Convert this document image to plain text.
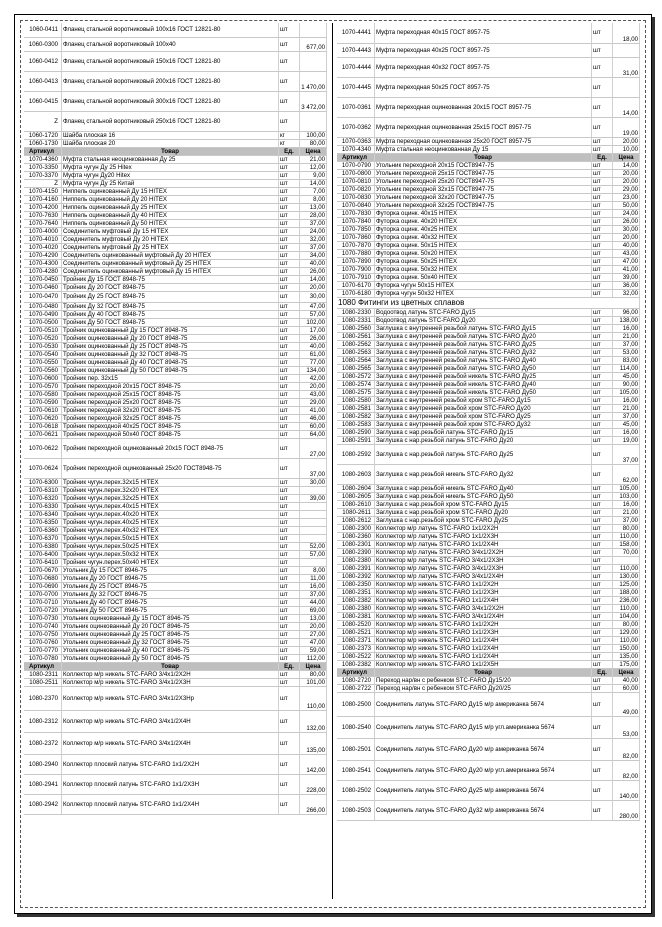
1060-0411	Фланец стальной воротниковый 100х16 ГОСТ 12821-80	шт	
1060-0300	Фланец стальной воротниковый 100х40	шт	677,00
1060-0412	Фланец стальной воротниковый 150х16 ГОСТ 12821-80	шт	
1060-0413	Фланец стальной воротниковый 200х16 ГОСТ 12821-80	шт	1 470,00
1060-0415	Фланец стальной воротниковый 300х16 ГОСТ 12821-80	шт	3 472,00
Z	Фланец стальной воротниковый 250х16 ГОСТ 12821-80	шт	
1060-1720	Шайба плоская 16	кг	100,00
1060-1730	Шайба плоская 20	кг	80,00
Артикул	Товар	Ед.	Цена
1070-4360	Муфта стальная неоцинкованная Ду 25	шт	21,00
1070-3350	Муфта чугун Ду 25 Hitex	шт	12,00
1070-3370	Муфта чугун Ду20 Hitex	шт	9,00
Z	Муфта чугун Ду 25 Китай	шт	14,00
1070-4150	Ниппель оцинкованный Ду 15 HITEX	шт	7,00
1070-4160	Ниппель оцинкованный Ду 20 HITEX	шт	8,00
1070-4200	Ниппель оцинкованный Ду 25 HITEX	шт	13,00
1070-7630	Ниппель оцинкованный Ду 40 HITEX	шт	28,00
1070-7640	Ниппель оцинкованный Ду 50 HITEX	шт	37,00
1070-4000	Соединитель муфтовый Ду 15 HITEX	шт	24,00
1070-4010	Соединитель муфтовый Ду 20 HITEX	шт	32,00
1070-4020	Соединитель муфтовый Ду 25 HITEX	шт	37,00
1070-4290	Соединитель оцинкованный муфтовый Ду 20 HITEX	шт	34,00
1070-4300	Соединитель оцинкованный муфтовый Ду 25 HITEX	шт	40,00
1070-4280	Соединитель оцинкованный муфтовый Ду 15 HITEX	шт	26,00
1070-0450	Тройник Ду 15 ГОСТ 8948-75	шт	14,00
1070-0460	Тройник Ду 20 ГОСТ 8948-75	шт	20,00
1070-0470	Тройник Ду 25 ГОСТ 8948-75	шт	30,00
1070-0480	Тройник Ду 32 ГОСТ 8948-75	шт	47,00
1070-0490	Тройник Ду 40 ГОСТ 8948-75	шт	57,00
1070-0500	Тройник Ду 50 ГОСТ 8948-75	шт	102,00
1070-0510	Тройник оцинкованный Ду 15 ГОСТ 8948-75	шт	17,00
1070-0520	Тройник оцинкованный Ду 20 ГОСТ 8948-75	шт	26,00
1070-0530	Тройник оцинкованный Ду 25 ГОСТ 8948-75	шт	40,00
1070-0540	Тройник оцинкованный Ду 32 ГОСТ 8948-75	шт	61,00
1070-0550	Тройник оцинкованный Ду 40 ГОСТ 8948-75	шт	77,00
1070-0560	Тройник оцинкованный Ду 50 ГОСТ 8948-75	шт	134,00
1070-0600	Тройник пер. 32х15	шт	42,00
1070-0570	Тройник переходной 20х15 ГОСТ 8948-75	шт	20,00
1070-0580	Тройник переходной 25х15 ГОСТ 8948-75	шт	43,00
1070-0590	Тройник переходной 25х20 ГОСТ 8948-75	шт	29,00
1070-0610	Тройник переходной 32х20 ГОСТ 8948-75	шт	41,00
1070-0620	Тройник переходной 32х25 ГОСТ 8948-75	шт	46,00
1070-0618	Тройник переходной 40х25 ГОСТ 8948-75	шт	60,00
1070-0621	Тройник переходной 50х40 ГОСТ 8948-75	шт	64,00
1070-0622	Тройник переходной оцинкованный 20х15 ГОСТ 8948-75	шт	27,00
1070-0624	Тройник переходной оцинкованный 25х20 ГОСТ8948-75	шт	37,00
1070-6300	Тройник чугун.перех.32х15 HITEX	шт	30,00
1070-6310	Тройник чугун.перех.32х20 HITEX	шт	
1070-6320	Тройник чугун.перех.32х25 HITEX	шт	39,00
1070-6330	Тройник чугун.перех.40х15 HITEX	шт	
1070-6340	Тройник чугун.перех.40х20 HITEX	шт	
1070-6350	Тройник чугун.перех.40х25 HITEX	шт	
1070-6360	Тройник чугун.перех.40х32 HITEX	шт	
1070-6370	Тройник чугун.перех.50х15 HITEX	шт	
1070-6380	Тройник чугун.перех.50х25 HITEX	шт	52,00
1070-6400	Тройник чугун.перех.50х32 HITEX	шт	57,00
1070-6410	Тройник чугун.перех.50х40 HITEX	шт	
1070-0670	Угольник Ду 15 ГОСТ 8946-75	шт	8,00
1070-0680	Угольник Ду 20 ГОСТ 8946-75	шт	11,00
1070-0690	Угольник Ду 25 ГОСТ 8946-75	шт	16,00
1070-0700	Угольник Ду 32 ГОСТ 8946-75	шт	37,00
1070-0710	Угольник Ду 40 ГОСТ 8946-75	шт	44,00
1070-0720	Угольник Ду 50 ГОСТ 8946-75	шт	69,00
1070-0730	Угольник оцинкованный Ду 15 ГОСТ 8946-75	шт	13,00
1070-0740	Угольник оцинкованный Ду 20 ГОСТ 8946-75	шт	20,00
1070-0750	Угольник оцинкованный Ду 25 ГОСТ 8946-75	шт	27,00
1070-0760	Угольник оцинкованный Ду 32 ГОСТ 8946-75	шт	47,00
1070-0770	Угольник оцинкованный Ду 40 ГОСТ 8946-75	шт	59,00
1070-0780	Угольник оцинкованный Ду 50 ГОСТ 8946-75	шт	112,00
Артикул	Товар	Ед.	Цена
1080-2311	Коллектор м/р никель STC-FARO 3/4х1/2Х2Н	шт	80,00
1080-2511	Коллектор м/р никель STC-FARO 3/4х1/2Х3Н	шт	101,00
1080-2370	Коллектор м/р никель STC-FARO 3/4х1/2Х3Нр	шт	110,00
1080-2312	Коллектор м/р никель STC-FARO 3/4х1/2Х4Н	шт	132,00
1080-2372	Коллектор м/р никель STC-FARO 3/4х1/2Х4Н	шт	135,00
1080-2940	Коллектор плоский латунь STC-FARO 1х1/2Х2Н	шт	142,00
1080-2941	Коллектор плоский латунь STC-FARO 1х1/2Х3Н	шт	228,00
1080-2942	Коллектор плоский латунь STC-FARO 1х1/2Х4Н	шт	266,00
1070-4441	Муфта переходная 40х15 ГОСТ 8957-75	шт	18,00
1070-4443	Муфта переходная 40х25 ГОСТ 8957-75	шт	
1070-4444	Муфта переходная 40х32 ГОСТ 8957-75	шт	31,00
1070-4445	Муфта переходная 50х25 ГОСТ 8957-75	шт	
1070-0361	Муфта переходная оцинкованная 20х15 ГОСТ 8957-75	шт	14,00
1070-0362	Муфта переходная оцинкованная 25х15 ГОСТ 8957-75	шт	19,00
1070-0363	Муфта переходная оцинкованная 25х20 ГОСТ 8957-75	шт	20,00
1070-4340	Муфта стальная неоцинкованная Ду 15	шт	10,00
Артикул	Товар	Ед.	Цена
1070-0790	Угольник переходной 20х15 ГОСТ8947-75	шт	14,00
1070-0800	Угольник переходной 25х15 ГОСТ8947-75	шт	20,00
1070-0810	Угольник переходной 25х20 ГОСТ8947-75	шт	20,00
1070-0820	Угольник переходной 32х15 ГОСТ8947-75	шт	29,00
1070-0830	Угольник переходной 32х20 ГОСТ8947-75	шт	23,00
1070-0840	Угольник переходной 32х25 ГОСТ8947-75	шт	50,00
1070-7830	Футорка оцинк. 40х15 HITEX	шт	24,00
1070-7840	Футорка оцинк. 40х20 HITEX	шт	26,00
1070-7850	Футорка оцинк. 40х25 HITEX	шт	30,00
1070-7860	Футорка оцинк. 40х32 HITEX	шт	20,00
1070-7870	Футорка оцинк. 50х15 HITEX	шт	40,00
1070-7880	Футорка оцинк. 50х20 HITEX	шт	43,00
1070-7890	Футорка оцинк. 50х25 HITEX	шт	47,00
1070-7900	Футорка оцинк. 50х32 HITEX	шт	41,00
1070-7910	Футорка оцинк. 50х40 HITEX	шт	39,00
1070-6170	Футорка чугун 50х15 HITEX	шт	36,00
1070-6180	Футорка чугун 50х32 HITEX	шт	32,00
1080 Фитинги из цветных сплавов			
1080-2330	Водоотвод латунь STC-FARO Ду15	шт	96,00
1080-2331	Водоотвод латунь STC-FARO Ду20	шт	138,00
1080-2560	Заглушка с внутренней резьбой латунь STC-FARO Ду15	шт	16,00
1080-2561	Заглушка с внутренней резьбой латунь STC-FARO Ду20	шт	21,00
1080-2562	Заглушка с внутренней резьбой латунь STC-FARO Ду25	шт	37,00
1080-2563	Заглушка с внутренней резьбой латунь STC-FARO Ду32	шт	53,00
1080-2564	Заглушка с внутренней резьбой латунь STC-FARO Ду40	шт	83,00
1080-2565	Заглушка с внутренней резьбой латунь STC-FARO Ду50	шт	114,00
1080-2572	Заглушка с внутренней резьбой никель STC-FARO Ду25	шт	45,00
1080-2574	Заглушка с внутренней резьбой никель STC-FARO Ду40	шт	90,00
1080-2575	Заглушка с внутренней резьбой никель STC-FARO Ду50	шт	105,00
1080-2580	Заглушка с внутренней резьбой хром STC-FARO Ду15	шт	16,00
1080-2581	Заглушка с внутренней резьбой хром STC-FARO Ду20	шт	21,00
1080-2582	Заглушка с внутренней резьбой хром STC-FARO Ду25	шт	37,00
1080-2583	Заглушка с внутренней резьбой хром STC-FARO Ду32	шт	45,00
1080-2590	Заглушка с нар.резьбой латунь STC-FARO Ду15	шт	16,00
1080-2591	Заглушка с нар.резьбой латунь STC-FARO Ду20	шт	19,00
1080-2592	Заглушка с нар.резьбой латунь STC-FARO Ду25	шт	37,00
1080-2603	Заглушка с нар.резьбой никель STC-FARO Ду32	шт	62,00
1080-2604	Заглушка с нар.резьбой никель STC-FARO Ду40	шт	105,00
1080-2605	Заглушка с нар.резьбой никель STC-FARO Ду50	шт	103,00
1080-2610	Заглушка с нар.резьбой хром STC-FARO Ду15	шт	16,00
1080-2611	Заглушка с нар.резьбой хром STC-FARO Ду20	шт	21,00
1080-2612	Заглушка с нар.резьбой хром STC-FARO Ду25	шт	37,00
1080-2300	Коллектор м/р латунь STC-FARO 1х1/2Х2Н	шт	80,00
1080-2360	Коллектор м/р латунь STC-FARO 1х1/2Х3Н	шт	110,00
1080-2301	Коллектор м/р латунь STC-FARO 1х1/2Х4Н	шт	158,00
1080-2390	Коллектор м/р латунь STC-FARO 3/4х1/2Х2Н	шт	70,00
1080-2380	Коллектор м/р латунь STC-FARO 3/4х1/2Х3Н	шт	
1080-2391	Коллектор м/р латунь STC-FARO 3/4х1/2Х3Н	шт	110,00
1080-2392	Коллектор м/р латунь STC-FARO 3/4х1/2Х4Н	шт	130,00
1080-2350	Коллектор м/р никель STC-FARO 1х1/2Х2Н	шт	125,00
1080-2351	Коллектор м/р никель STC-FARO 1х1/2Х3Н	шт	188,00
1080-2382	Коллектор м/р никель STC-FARO 1х1/2Х4Н	шт	236,00
1080-2380	Коллектор м/р никель STC-FARO 3/4х1/2Х2Н	шт	110,00
1080-2381	Коллектор м/р никель STC-FARO 3/4х1/2Х4Н	шт	104,00
1080-2520	Коллектор м/р никель STC-FARO 1х1/2Х2Н	шт	80,00
1080-2521	Коллектор м/р никель STC-FARO 1х1/2Х3Н	шт	129,00
1080-2371	Коллектор м/р никель STC-FARO 1х1/2Х4Н	шт	110,00
1080-2373	Коллектор м/р никель STC-FARO 1х1/2Х4Н	шт	150,00
1080-2522	Коллектор м/р никель STC-FARO 1х1/2Х4Н	шт	135,00
1080-2382	Коллектор м/р никель STC-FARO 1х1/2Х5Н	шт	175,00
Артикул	Товар	Ед.	Цена
1080-2720	Переход нар/вн с ребенком STC-FARO Ду15/20	шт	40,00
1080-2722	Переход нар/вн с ребенком STC-FARO Ду20/25	шт	60,00
1080-2500	Соединитель латунь STC-FARO Ду15 м/р американка 5674	шт	49,00
1080-2540	Соединитель латунь STC-FARO Ду15 м/р угл.американка 5674	шт	53,00
1080-2501	Соединитель латунь STC-FARO Ду20 м/р американка 5674	шт	82,00
1080-2541	Соединитель латунь STC-FARO Ду20 м/р угл.американка 5674	шт	82,00
1080-2502	Соединитель латунь STC-FARO Ду25 м/р американка 5674	шт	140,00
1080-2503	Соединитель латунь STC-FARO Ду32 м/р американка 5674	шт	280,00
